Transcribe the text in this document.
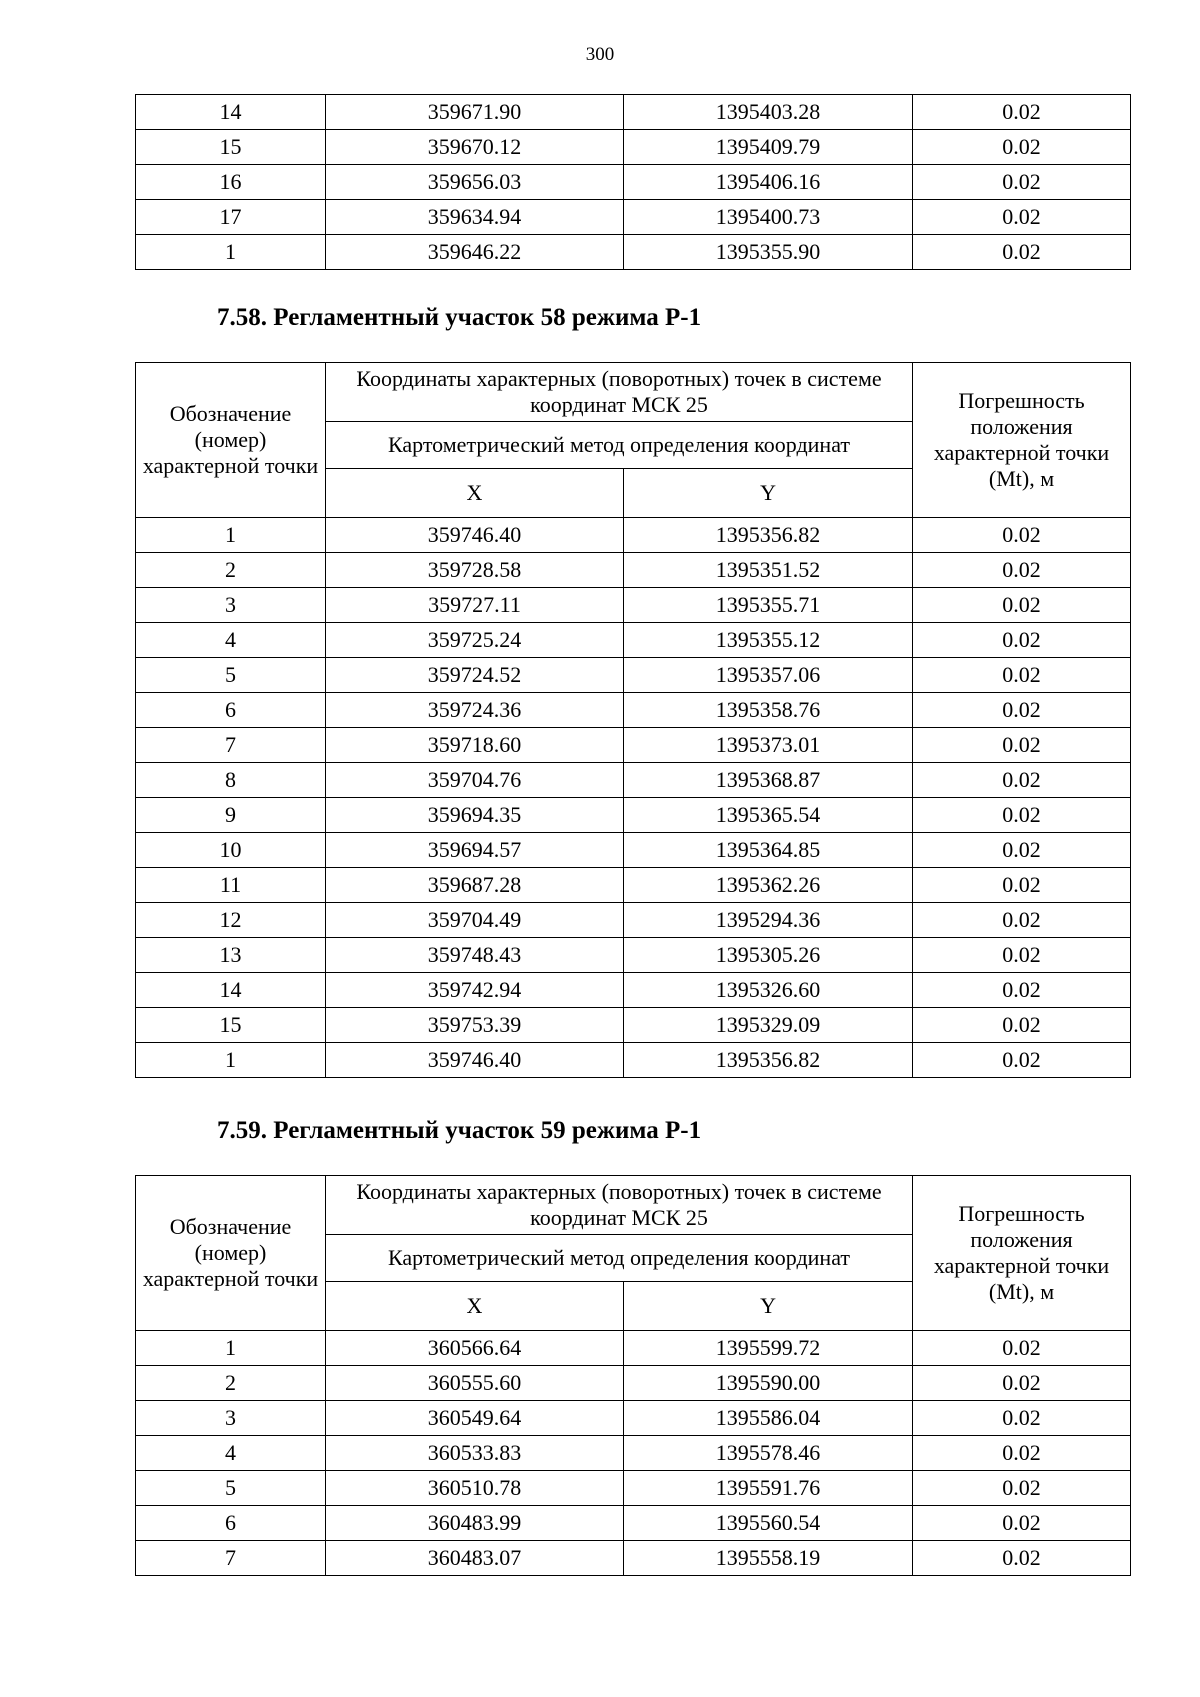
300
14	359671.90	1395403.28	0.02
15	359670.12	1395409.79	0.02
16	359656.03	1395406.16	0.02
17	359634.94	1395400.73	0.02
1	359646.22	1395355.90	0.02
7.58. Регламентный участок 58 режима Р-1
Обозначение (номер) характерной точки	Координаты характерных (поворотных) точек в системе координат МСК 25		Погрешность положения характерной точки (Mt), м
	Картометрический метод определения координат		
	X	Y	
1	359746.40	1395356.82	0.02
2	359728.58	1395351.52	0.02
3	359727.11	1395355.71	0.02
4	359725.24	1395355.12	0.02
5	359724.52	1395357.06	0.02
6	359724.36	1395358.76	0.02
7	359718.60	1395373.01	0.02
8	359704.76	1395368.87	0.02
9	359694.35	1395365.54	0.02
10	359694.57	1395364.85	0.02
11	359687.28	1395362.26	0.02
12	359704.49	1395294.36	0.02
13	359748.43	1395305.26	0.02
14	359742.94	1395326.60	0.02
15	359753.39	1395329.09	0.02
1	359746.40	1395356.82	0.02
7.59. Регламентный участок 59 режима Р-1
Обозначение (номер) характерной точки	Координаты характерных (поворотных) точек в системе координат МСК 25		Погрешность положения характерной точки (Mt), м
	Картометрический метод определения координат		
	X	Y	
1	360566.64	1395599.72	0.02
2	360555.60	1395590.00	0.02
3	360549.64	1395586.04	0.02
4	360533.83	1395578.46	0.02
5	360510.78	1395591.76	0.02
6	360483.99	1395560.54	0.02
7	360483.07	1395558.19	0.02
